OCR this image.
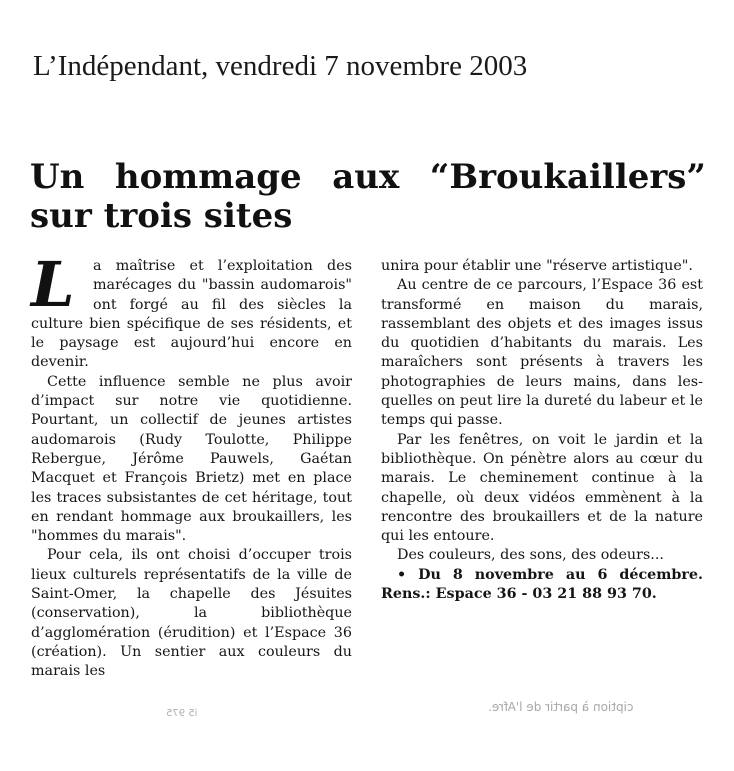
L’Indépendant, vendredi 7 novembre 2003
Un hommage aux “Broukaillers”
sur trois sites
L	a maîtrise et l’exploitation des marécages du "bassin audomarois" ont forgé au fil des siècles la culture bien spécifique de ses résidents, et le paysage est aujourd’hui encore en devenir.

Cette influence semble ne plus avoir d’impact sur notre vie quotidienne. Pourtant, un collectif de jeunes artistes audomarois (Rudy Toulotte, Philippe Rebergue, Jérôme Pauwels, Gaétan Macquet et François Brietz) met en place les traces subsistantes de cet héritage, tout en rendant hommage aux broukaillers, les "hommes du marais".

Pour cela, ils ont choisi d’occuper trois lieux culturels représentatifs de la ville de Saint-Omer, la chapelle des Jésuites (conservation), la bibliothèque d’agglomération (érudition) et l’Espace 36 (création). Un sentier aux couleurs du marais les

unira pour établir une "réserve artistique".

Au centre de ce parcours, l’Espace 36 est transformé en maison du marais, rassemblant des objets et des images issus du quotidien d’habitants du marais. Les maraîchers sont présents à travers les photographies de leurs mains, dans lesquelles on peut lire la dureté du labeur et le temps qui passe.

Par les fenêtres, on voit le jardin et la bibliothèque. On pénètre alors au cœur du marais. Le cheminement continue à la chapelle, où deux vidéos emmènent à la rencontre des broukaillers et de la nature qui les entoure.

Des couleurs, des sons, des odeurs...

• Du 8 novembre au 6 décembre. Rens.: Espace 36 - 03 21 88 93 70.

ciption à partir de l'Afre.
i5 975
